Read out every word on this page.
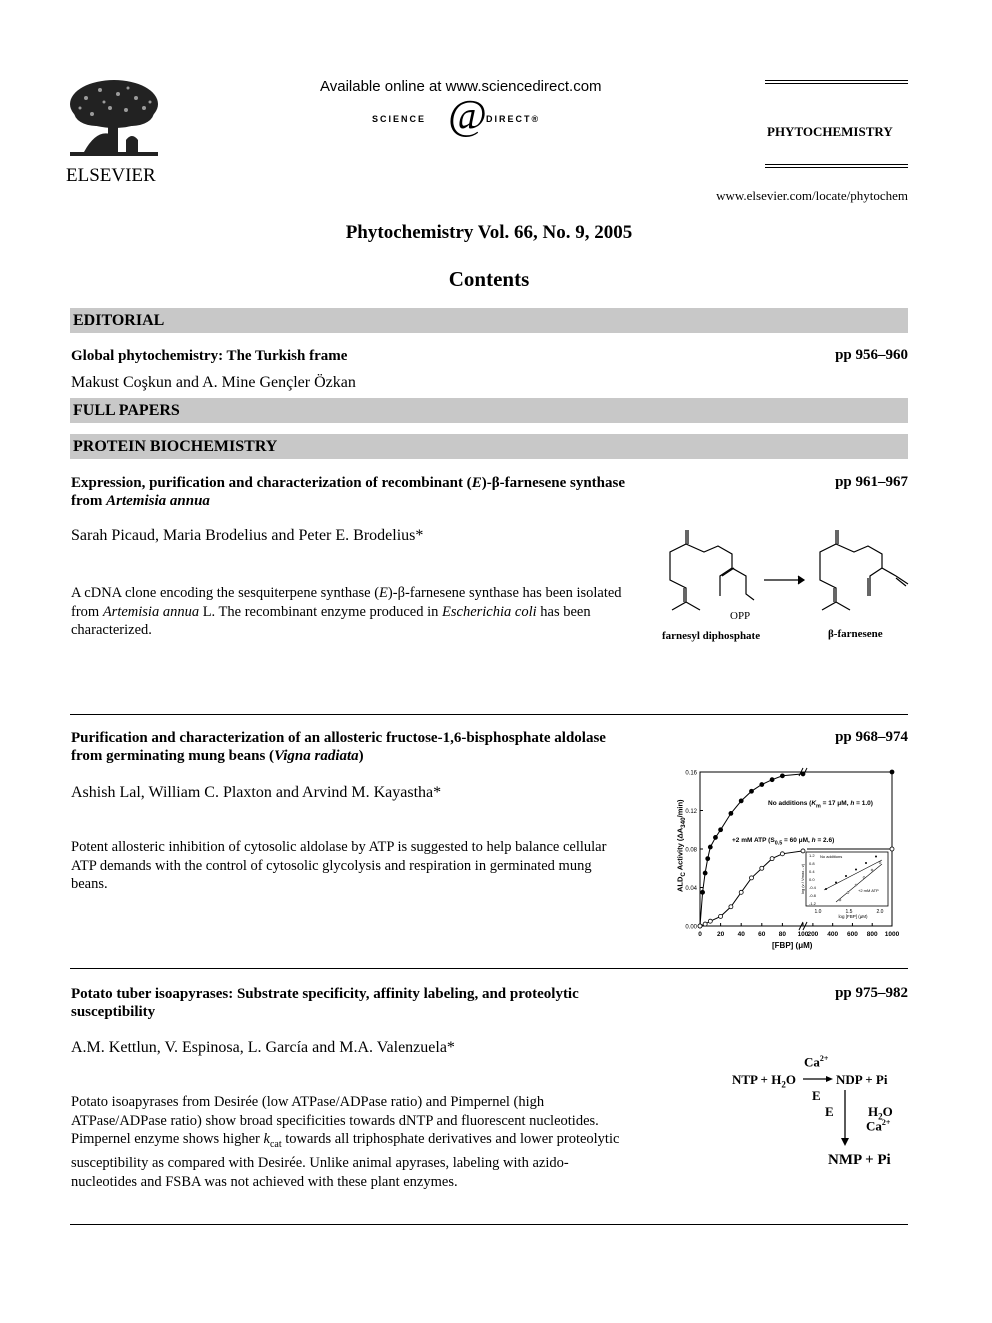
ELSEVIER
Available online at www.sciencedirect.com
SCIENCE @ DIRECT®
PHYTOCHEMISTRY
www.elsevier.com/locate/phytochem
Phytochemistry Vol. 66, No. 9, 2005
Contents
EDITORIAL
Global phytochemistry: The Turkish frame	pp 956–960
Makust Coşkun and A. Mine Gençler Özkan
FULL PAPERS
PROTEIN BIOCHEMISTRY
Expression, purification and characterization of recombinant (E)-β-farnesene synthase from Artemisia annua
pp 961–967
Sarah Picaud, Maria Brodelius and Peter E. Brodelius*
A cDNA clone encoding the sesquiterpene synthase (E)-β-farnesene synthase has been isolated from Artemisia annua L. The recombinant enzyme produced in Escherichia coli has been characterized.
OPP
farnesyl diphosphate	β-farnesene
Purification and characterization of an allosteric fructose-1,6-bisphosphate aldolase from germinating mung beans (Vigna radiata)
pp 968–974
Ashish Lal, William C. Plaxton and Arvind M. Kayastha*
Potent allosteric inhibition of cytosolic aldolase by ATP is suggested to help balance cellular ATP demands with the control of cytosolic glycolysis and respiration in germinated mung beans.
0.00
0.04
0.08
0.12
0.16
0 20 40 60 80 100 200 400 600 800 1000
1.2
0.8
0.4
0.0
-0.4
-0.8
-1.2
1.0	1.5	2.0
log [FBP] (μM)
log (v / Vmax - v)
No additions
+2 mM ATP
$ALD_C$ Activity $(\Delta A_{340}/\min)$
[FBP] (μM)
No additions ($K_m = 17$ μM, h = 1.0)
+2 mM ATP ($S_{0.5} = 60$ μM, h = 2.6)
Potato tuber isoapyrases: Substrate specificity, affinity labeling, and proteolytic susceptibility
pp 975–982
A.M. Kettlun, V. Espinosa, L. García and M.A. Valenzuela*
Potato isoapyrases from Desirée (low ATPase/ADPase ratio) and Pimpernel (high ATPase/ADPase ratio) show broad specificities towards dNTP and fluorescent nucleotides. Pimpernel enzyme shows higher $k_{cat}$ towards all triphosphate derivatives and lower proteolytic susceptibility as compared with Desirée. Unlike animal apyrases, labeling with azido-nucleotides and FSBA was not achieved with these plant enzymes.
$Ca^{2+}$
NTP + $H_2O$	NDP + Pi
E
E	$H_2O$
$Ca^{2+}$
NMP + Pi
